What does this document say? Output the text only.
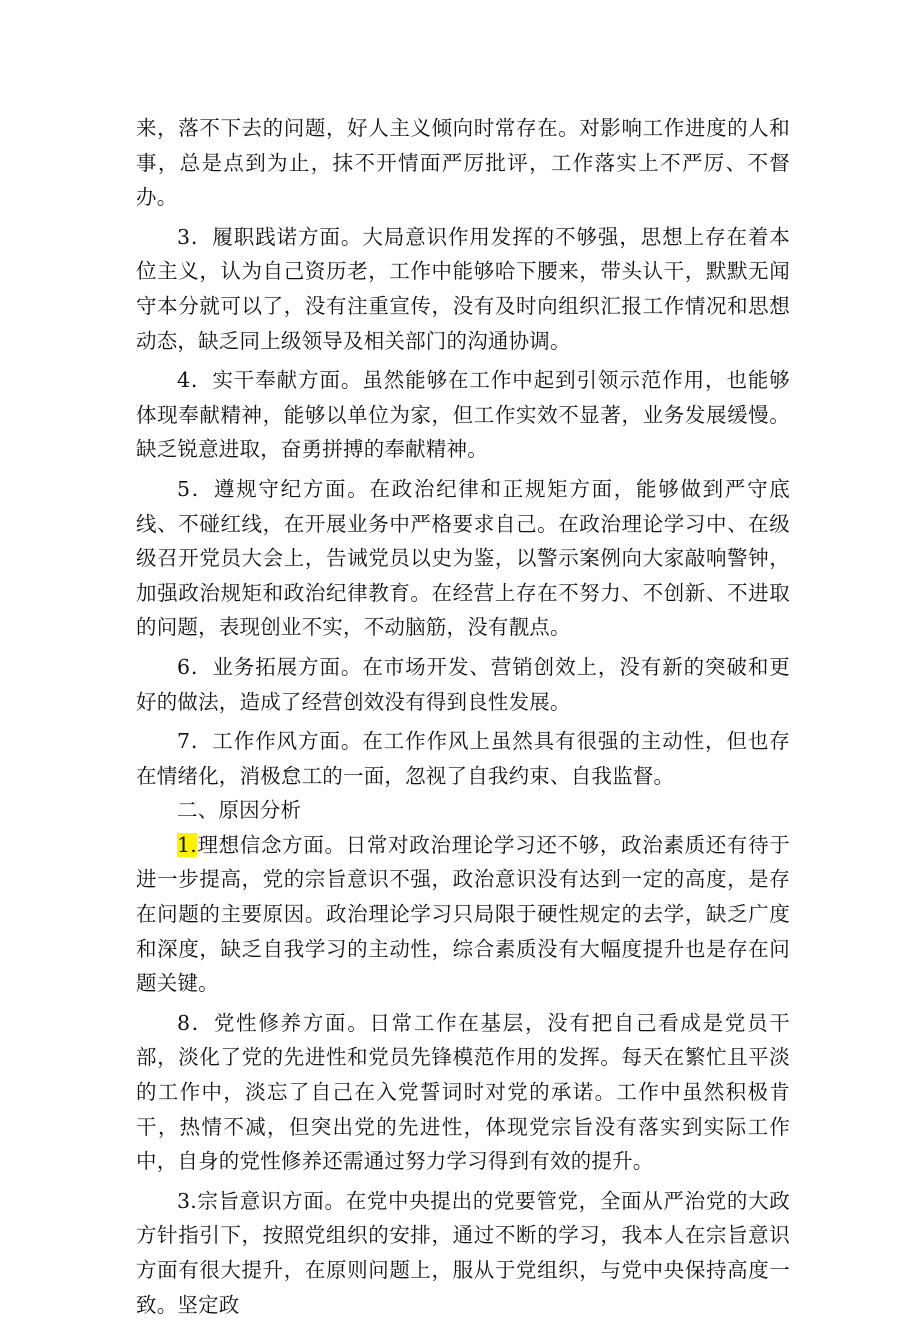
来，落不下去的问题，好人主义倾向时常存在。对影响工作进度的人和事，总是点到为止，抹不开情面严厉批评，工作落实上不严厉、不督办。

3．履职践诺方面。大局意识作用发挥的不够强，思想上存在着本位主义，认为自己资历老，工作中能够哈下腰来，带头认干，默默无闻守本分就可以了，没有注重宣传，没有及时向组织汇报工作情况和思想动态，缺乏同上级领导及相关部门的沟通协调。

4．实干奉献方面。虽然能够在工作中起到引领示范作用，也能够体现奉献精神，能够以单位为家，但工作实效不显著，业务发展缓慢。缺乏锐意进取，奋勇拼搏的奉献精神。

5．遵规守纪方面。在政治纪律和正规矩方面，能够做到严守底线、不碰红线，在开展业务中严格要求自己。在政治理论学习中、在级级召开党员大会上，告诫党员以史为鉴，以警示案例向大家敲响警钟，加强政治规矩和政治纪律教育。在经营上存在不努力、不创新、不进取的问题，表现创业不实，不动脑筋，没有靓点。

6．业务拓展方面。在市场开发、营销创效上，没有新的突破和更好的做法，造成了经营创效没有得到良性发展。

7．工作作风方面。在工作作风上虽然具有很强的主动性，但也存在情绪化，消极怠工的一面，忽视了自我约束、自我监督。

二、原因分析

1.理想信念方面。日常对政治理论学习还不够，政治素质还有待于进一步提高，党的宗旨意识不强，政治意识没有达到一定的高度，是存在问题的主要原因。政治理论学习只局限于硬性规定的去学，缺乏广度和深度，缺乏自我学习的主动性，综合素质没有大幅度提升也是存在问题关键。

8．党性修养方面。日常工作在基层，没有把自己看成是党员干部，淡化了党的先进性和党员先锋模范作用的发挥。每天在繁忙且平淡的工作中，淡忘了自己在入党誓词时对党的承诺。工作中虽然积极肯干，热情不减，但突出党的先进性，体现党宗旨没有落实到实际工作中，自身的党性修养还需通过努力学习得到有效的提升。

3.宗旨意识方面。在党中央提出的党要管党，全面从严治党的大政方针指引下，按照党组织的安排，通过不断的学习，我本人在宗旨意识方面有很大提升，在原则问题上，服从于党组织，与党中央保持高度一致。坚定政
